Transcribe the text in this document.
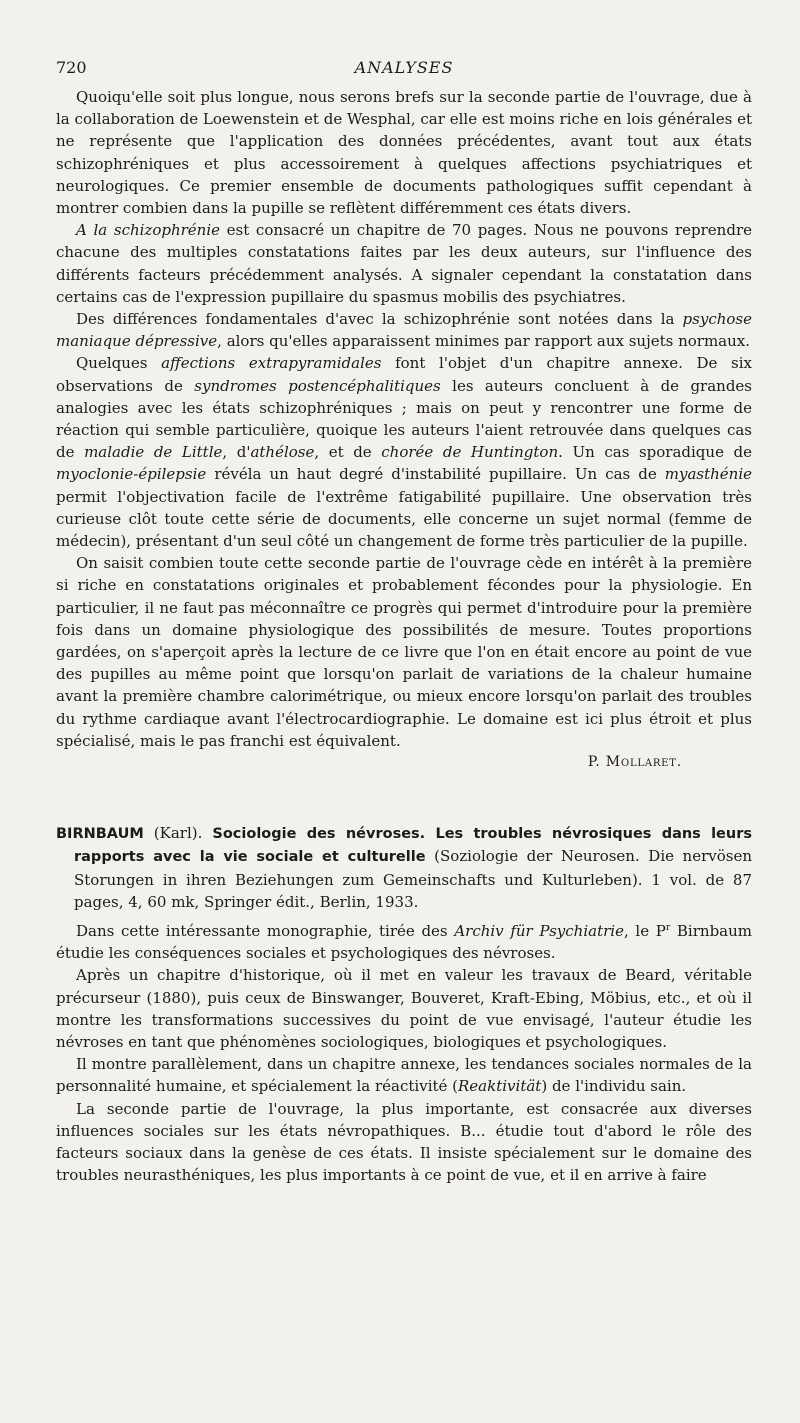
720	ANALYSES

Quoiqu'elle soit plus longue, nous serons brefs sur la seconde partie de l'ouvrage, due à la collaboration de Loewenstein et de Wesphal, car elle est moins riche en lois générales et ne représente que l'application des données précédentes, avant tout aux états schizophréniques et plus accessoirement à quelques affections psychiatriques et neurologiques. Ce premier ensemble de documents pathologiques suffit cependant à montrer combien dans la pupille se reflètent différemment ces états divers.

A la schizophrénie est consacré un chapitre de 70 pages. Nous ne pouvons reprendre chacune des multiples constatations faites par les deux auteurs, sur l'influence des différents facteurs précédemment analysés. A signaler cependant la constatation dans certains cas de l'expression pupillaire du spasmus mobilis des psychiatres.

Des différences fondamentales d'avec la schizophrénie sont notées dans la psychose maniaque dépressive, alors qu'elles apparaissent minimes par rapport aux sujets normaux.

Quelques affections extrapyramidales font l'objet d'un chapitre annexe. De six observations de syndromes postencéphalitiques les auteurs concluent à de grandes analogies avec les états schizophréniques ; mais on peut y rencontrer une forme de réaction qui semble particulière, quoique les auteurs l'aient retrouvée dans quelques cas de maladie de Little, d'athélose, et de chorée de Huntington. Un cas sporadique de myoclonie-épilepsie révéla un haut degré d'instabilité pupillaire. Un cas de myasthénie permit l'objectivation facile de l'extrême fatigabilité pupillaire. Une observation très curieuse clôt toute cette série de documents, elle concerne un sujet normal (femme de médecin), présentant d'un seul côté un changement de forme très particulier de la pupille.

On saisit combien toute cette seconde partie de l'ouvrage cède en intérêt à la première si riche en constatations originales et probablement fécondes pour la physiologie. En particulier, il ne faut pas méconnaître ce progrès qui permet d'introduire pour la première fois dans un domaine physiologique des possibilités de mesure. Toutes proportions gardées, on s'aperçoit après la lecture de ce livre que l'on en était encore au point de vue des pupilles au même point que lorsqu'on parlait de variations de la chaleur humaine avant la première chambre calorimétrique, ou mieux encore lorsqu'on parlait des troubles du rythme cardiaque avant l'électrocardiographie. Le domaine est ici plus étroit et plus spécialisé, mais le pas franchi est équivalent.

P. Mollaret.
BIRNBAUM (Karl). Sociologie des névroses. Les troubles névrosiques dans leurs rapports avec la vie sociale et culturelle (Soziologie der Neurosen. Die nervösen Storungen in ihren Beziehungen zum Gemeinschafts und Kulturleben). 1 vol. de 87 pages, 4, 60 mk, Springer édit., Berlin, 1933.

Dans cette intéressante monographie, tirée des Archiv für Psychiatrie, le $P^r$ Birnbaum étudie les conséquences sociales et psychologiques des névroses.

Après un chapitre d'historique, où il met en valeur les travaux de Beard, véritable précurseur (1880), puis ceux de Binswanger, Bouveret, Kraft-Ebing, Möbius, etc., et où il montre les transformations successives du point de vue envisagé, l'auteur étudie les névroses en tant que phénomènes sociologiques, biologiques et psychologiques.

Il montre parallèlement, dans un chapitre annexe, les tendances sociales normales de la personnalité humaine, et spécialement la réactivité (Reaktivität) de l'individu sain.

La seconde partie de l'ouvrage, la plus importante, est consacrée aux diverses influences sociales sur les états névropathiques. B... étudie tout d'abord le rôle des facteurs sociaux dans la genèse de ces états. Il insiste spécialement sur le domaine des troubles neurasthéniques, les plus importants à ce point de vue, et il en arrive à faire
